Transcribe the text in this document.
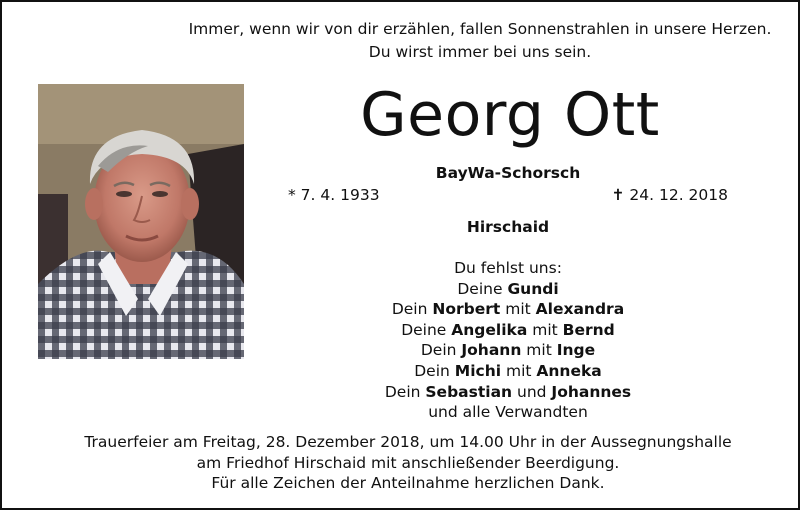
Immer, wenn wir von dir erzählen, fallen Sonnenstrahlen in unsere Herzen.
Du wirst immer bei uns sein.
Georg Ott
BayWa-Schorsch
* 7. 4. 1933	✝ 24. 12. 2018
Hirschaid
Du fehlst uns:
Deine Gundi
Dein Norbert mit Alexandra
Deine Angelika mit Bernd
Dein Johann mit Inge
Dein Michi mit Anneka
Dein Sebastian und Johannes
und alle Verwandten
Trauerfeier am Freitag, 28. Dezember 2018, um 14.00 Uhr in der Aussegnungshalle
am Friedhof Hirschaid mit anschließender Beerdigung.
Für alle Zeichen der Anteilnahme herzlichen Dank.
